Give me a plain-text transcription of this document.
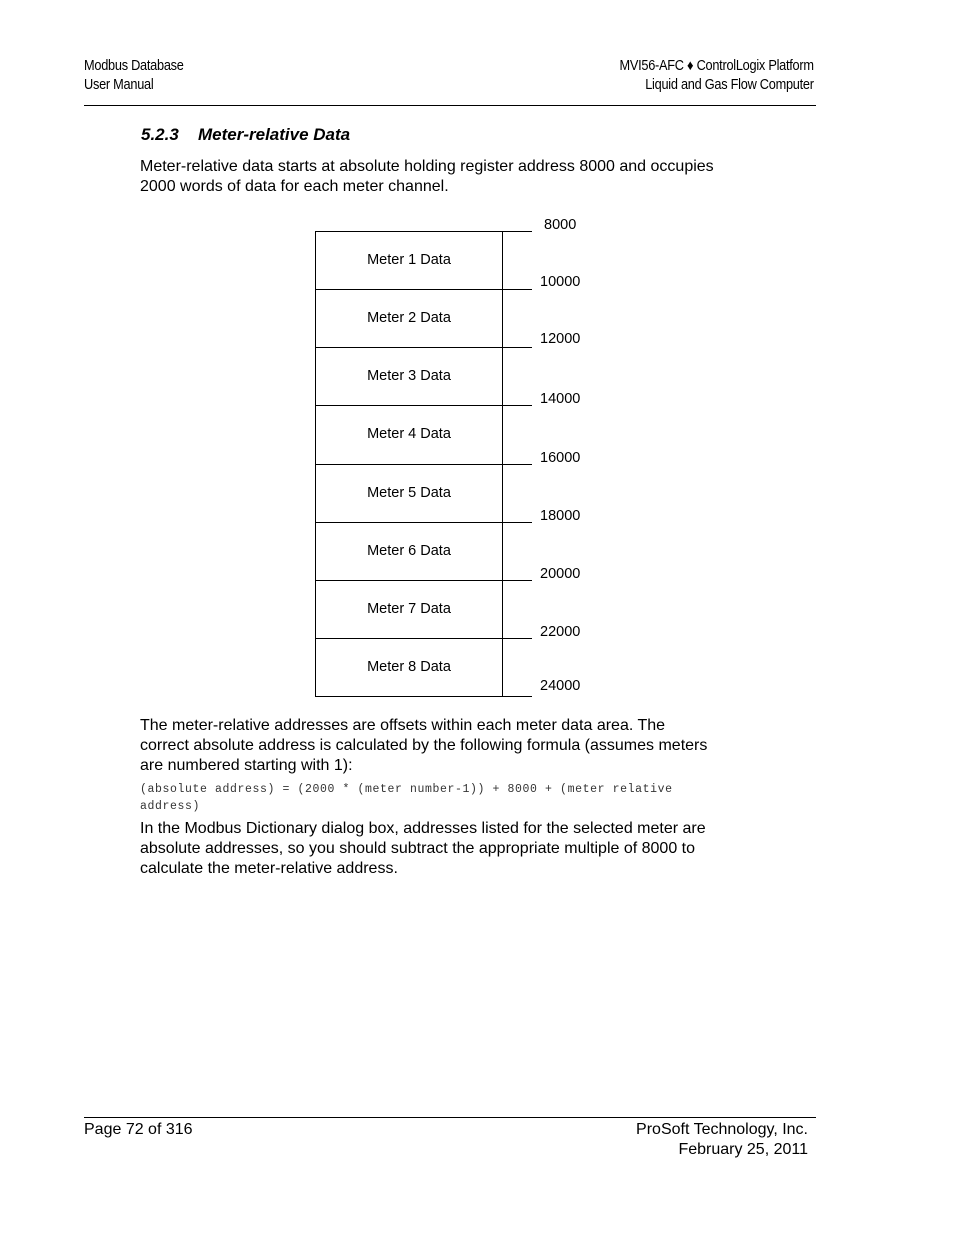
Modbus Database
User Manual
MVI56-AFC ♦ ControlLogix Platform
Liquid and Gas Flow Computer
5.2.3 Meter-relative Data
Meter-relative data starts at absolute holding register address 8000 and occupies
2000 words of data for each meter channel.
Meter 1 Data
Meter 2 Data
Meter 3 Data
Meter 4 Data
Meter 5 Data
Meter 6 Data
Meter 7 Data
Meter 8 Data
8000
10000
12000
14000
16000
18000
20000
22000
24000
The meter-relative addresses are offsets within each meter data area. The
correct absolute address is calculated by the following formula (assumes meters
are numbered starting with 1):
(absolute address) = (2000 * (meter number-1)) + 8000 + (meter relative
address)
In the Modbus Dictionary dialog box, addresses listed for the selected meter are
absolute addresses, so you should subtract the appropriate multiple of 8000 to
calculate the meter-relative address.
Page 72 of 316	ProSoft Technology, Inc.
February 25, 2011
